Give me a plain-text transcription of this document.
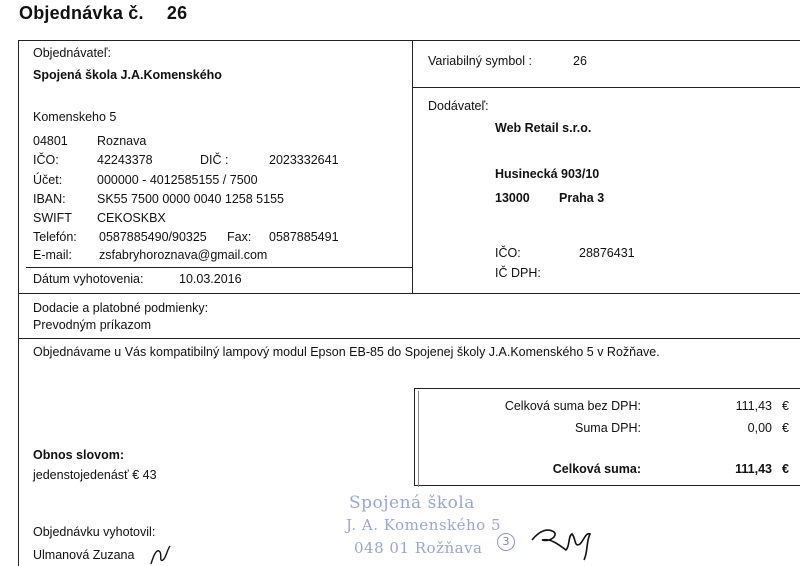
Objednávka č. 26
Objednávateľ:
Spojená škola J.A.Komenského
Komenskeho 5
04801 Roznava
IČO:	42243378	DIČ :	2023332641
Účet:	000000 - 4012585155 / 7500
IBAN:	SK55 7500 0000 0040 1258 5155
SWIFT CEKOSKBX
Telefón: 0587885490/90325 Fax: 0587885491
E-mail: zsfabryhoroznava@gmail.com
Dátum vyhotovenia:	10.03.2016
Variabilný symbol :	26
Dodávateľ:
Web Retail s.r.o.
Husinecká 903/10
13000 Praha 3
IČO:	28876431
IČ DPH:
Dodacie a platobné podmienky:
Prevodným príkazom
Objednávame u Vás kompatibilný lampový modul Epson EB-85 do Spojenej školy J.A.Komenského 5 v Rožňave.
Celková suma bez DPH:	111,43 €
Suma DPH:	0,00 €
Celková suma:	111,43 €
Obnos slovom:
jedenstojedenásť € 43
Objednávku vyhotovil:
Ulmanová Zuzana
Spojená škola
J. A. Komenského 5
048 01 Rožňava	3
